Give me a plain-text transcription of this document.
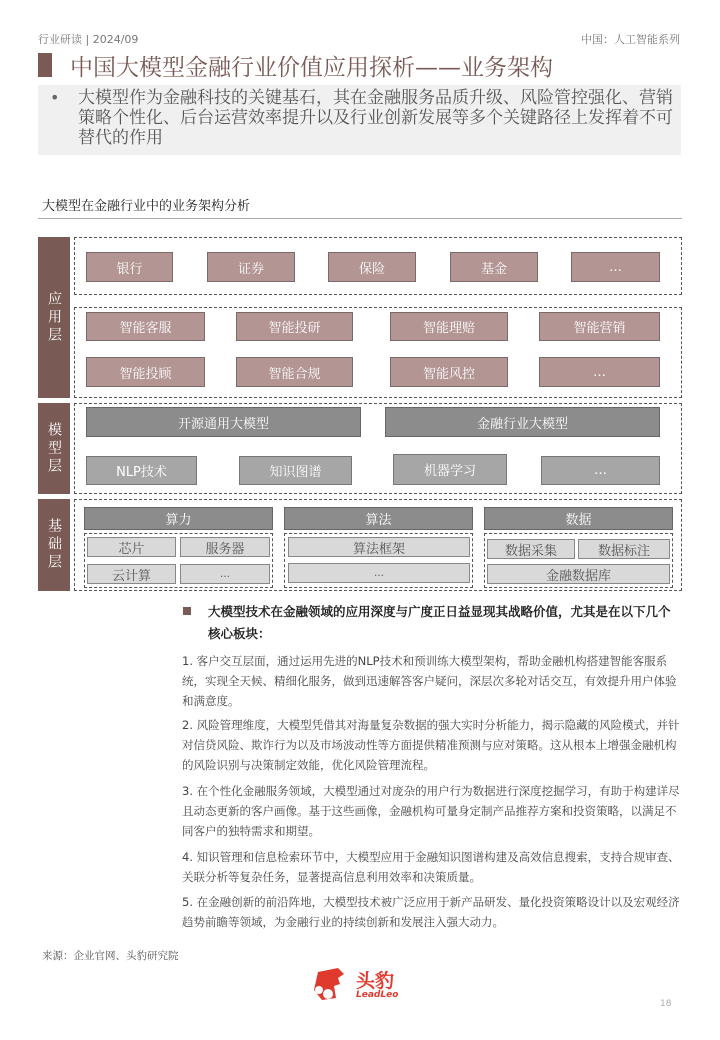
行业研读 | 2024/09	中国：人工智能系列
中国大模型金融行业价值应用探析——业务架构
• 大模型作为金融科技的关键基石，其在金融服务品质升级、风险管控强化、营销策略个性化、后台运营效率提升以及行业创新发展等多个关键路径上发挥着不可替代的作用
大模型在金融行业中的业务架构分析
应用层
模型层
基础层
银行	证券	保险	基金	…
智能客服	智能投研	智能理赔	智能营销
智能投顾	智能合规	智能风控	…
开源通用大模型	金融行业大模型
NLP技术	知识图谱	机器学习	…
算力	算法	数据
芯片	服务器
云计算	…
算法框架
…
数据采集	数据标注
金融数据库
大模型技术在金融领域的应用深度与广度正日益显现其战略价值，尤其是在以下几个核心板块：
1. 客户交互层面，通过运用先进的NLP技术和预训练大模型架构，帮助金融机构搭建智能客服系统，实现全天候、精细化服务，做到迅速解答客户疑问，深层次多轮对话交互，有效提升用户体验和满意度。
2. 风险管理维度，大模型凭借其对海量复杂数据的强大实时分析能力，揭示隐藏的风险模式，并针对信贷风险、欺诈行为以及市场波动性等方面提供精准预测与应对策略。这从根本上增强金融机构的风险识别与决策制定效能，优化风险管理流程。
3. 在个性化金融服务领域，大模型通过对庞杂的用户行为数据进行深度挖掘学习，有助于构建详尽且动态更新的客户画像。基于这些画像，金融机构可量身定制产品推荐方案和投资策略，以满足不同客户的独特需求和期望。
4. 知识管理和信息检索环节中，大模型应用于金融知识图谱构建及高效信息搜索，支持合规审查、关联分析等复杂任务，显著提高信息利用效率和决策质量。
5. 在金融创新的前沿阵地，大模型技术被广泛应用于新产品研发、量化投资策略设计以及宏观经济趋势前瞻等领域，为金融行业的持续创新和发展注入强大动力。
来源：企业官网、头豹研究院
头豹
LeadLeo
18
